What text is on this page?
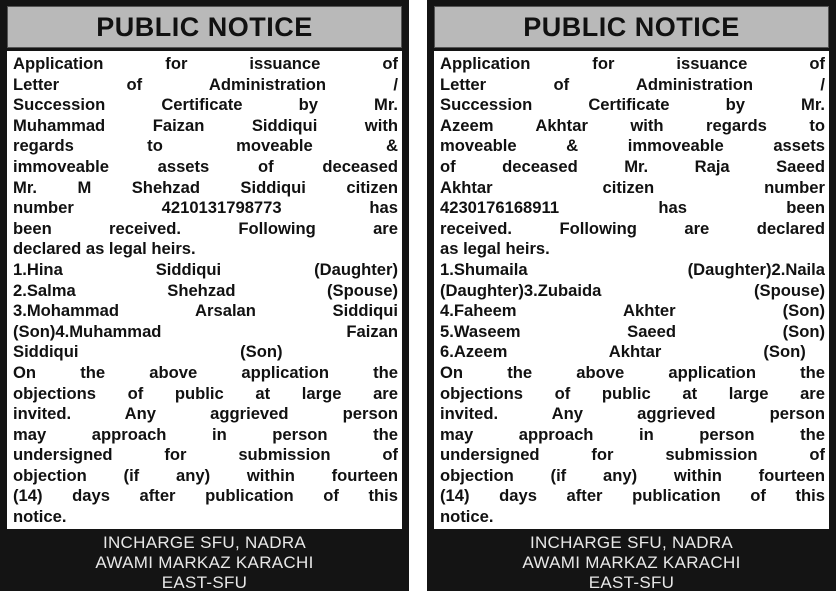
PUBLIC NOTICE
Application for issuance of
Letter of Administration /
Succession Certificate by Mr.
Muhammad Faizan Siddiqui with
regards to moveable &
immoveable assets of deceased
Mr. M Shehzad Siddiqui citizen
number 4210131798773 has
been received. Following are
declared as legal heirs.
1.Hina Siddiqui (Daughter)
2.Salma Shehzad (Spouse)
3.Mohammad Arsalan Siddiqui
(Son)4.Muhammad Faizan
Siddiqui (Son)
On the above application the
objections of public at large are
invited. Any aggrieved person
may approach in person the
undersigned for submission of
objection (if any) within fourteen
(14) days after publication of this
notice.
INCHARGE SFU, NADRA
AWAMI MARKAZ KARACHI
EAST-SFU
PUBLIC NOTICE
Application for issuance of
Letter of Administration /
Succession Certificate by Mr.
Azeem Akhtar with regards to
moveable & immoveable assets
of deceased Mr. Raja Saeed
Akhtar citizen number
4230176168911 has been
received. Following are declared
as legal heirs.
1.Shumaila (Daughter)2.Naila
(Daughter)3.Zubaida (Spouse)
4.Faheem Akhter (Son)
5.Waseem Saeed (Son)
6.Azeem Akhtar (Son)
On the above application the
objections of public at large are
invited. Any aggrieved person
may approach in person the
undersigned for submission of
objection (if any) within fourteen
(14) days after publication of this
notice.
INCHARGE SFU, NADRA
AWAMI MARKAZ KARACHI
EAST-SFU
